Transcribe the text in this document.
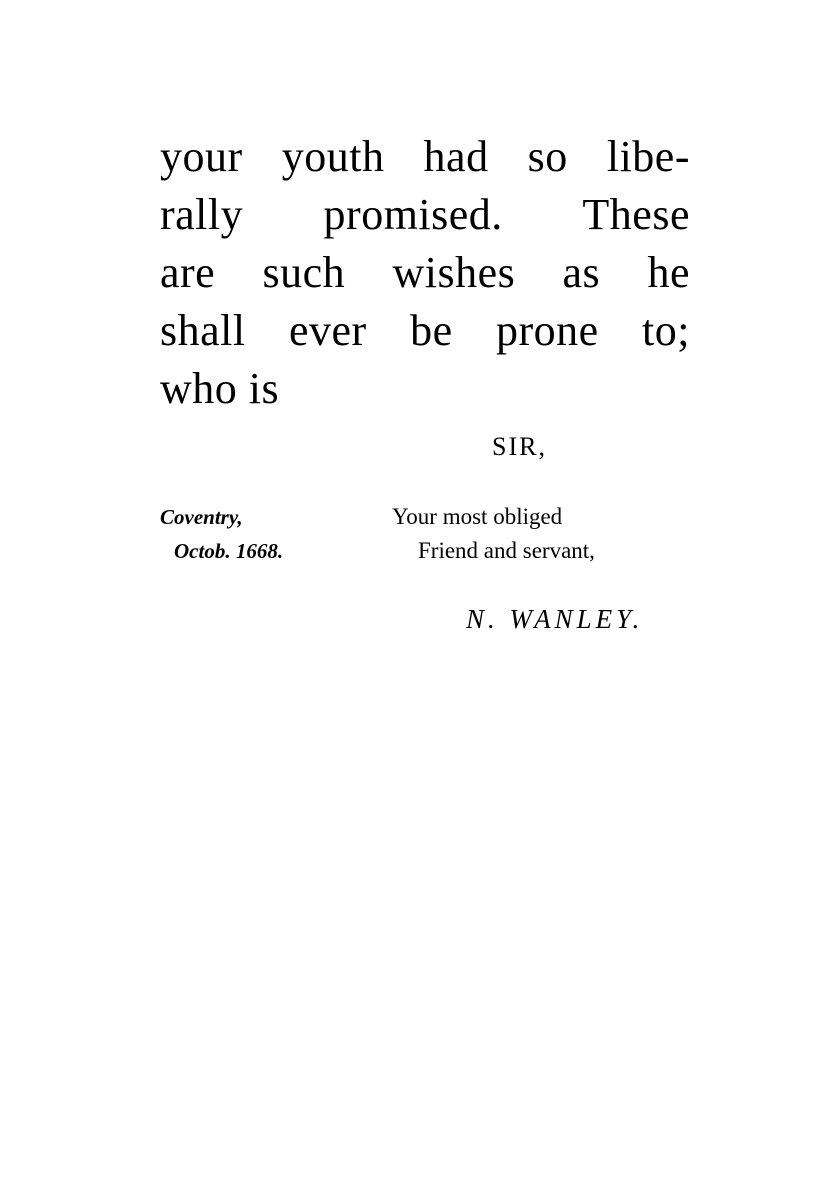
your youth had so libe-
rally promised. These
are such wishes as he
shall ever be prone to;
who is
SIR,
Coventry,
Octob. 1668.
Your most obliged
Friend and servant,
N. WANLEY.
